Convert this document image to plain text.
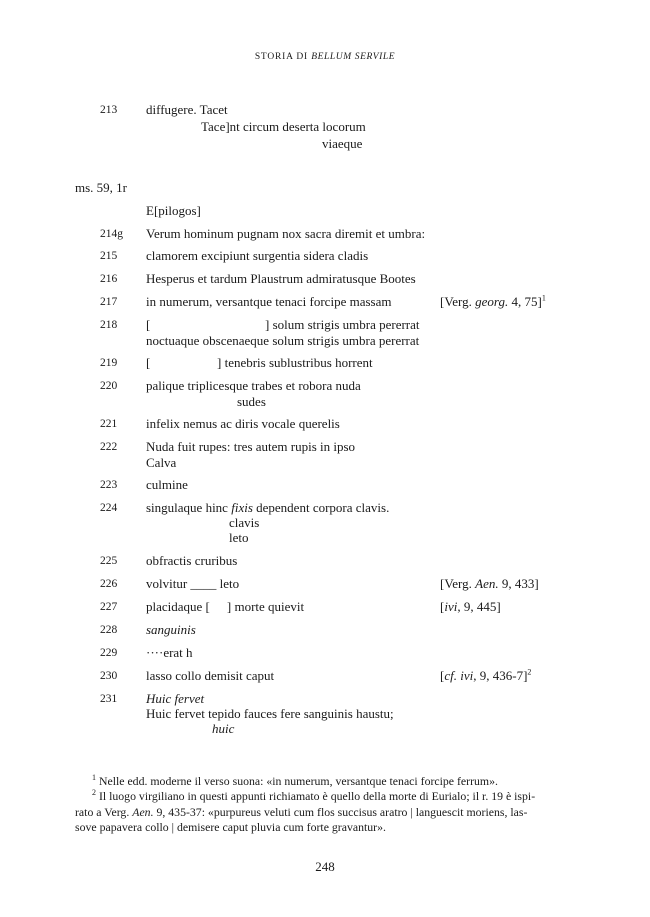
STORIA DI BELLUM SERVILE
213	diffugere. Tacet
Tace]nt circum deserta locorum
viaeque
ms. 59, 1r
E[pilogos]
214g	Verum hominum pugnam nox sacra diremit et umbra:
215	clamorem excipiunt surgentia sidera cladis
216	Hesperus et tardum Plaustrum admiratusque Bootes
217	in numerum, versantque tenaci forcipe massam	[Verg. georg. 4, 75]$^1$
218	[	] solum strigis umbra pererrat
noctuaque obscenaeque solum strigis umbra pererrat
219	[	] tenebris sublustribus horrent
220	palique triplicesque trabes et robora nuda
sudes
221	infelix nemus ac diris vocale querelis
222	Nuda fuit rupes: tres autem rupis in ipso
Calva
223	culmine
224	singulaque hinc fixis dependent corpora clavis.
clavis
leto
225	obfractis cruribus
226	volvitur ____ leto	[Verg. Aen. 9, 433]
227	placidaque [ ] morte quievit	[ivi, 9, 445]
228	sanguinis
229	····erat h
230	lasso collo demisit caput	[cf. ivi, 9, 436-7]$^2$
231	Huic fervet
Huic fervet tepido fauces fere sanguinis haustu;
huic
$^1$ Nelle edd. moderne il verso suona: «in numerum, versantque tenaci forcipe ferrum».
$^2$ Il luogo virgiliano in questi appunti richiamato è quello della morte di Eurialo; il r. 19 è ispi-
rato a Verg. Aen. 9, 435-37: «purpureus veluti cum flos succisus aratro | languescit moriens, las-
sove papavera collo | demisere caput pluvia cum forte gravantur».
248
